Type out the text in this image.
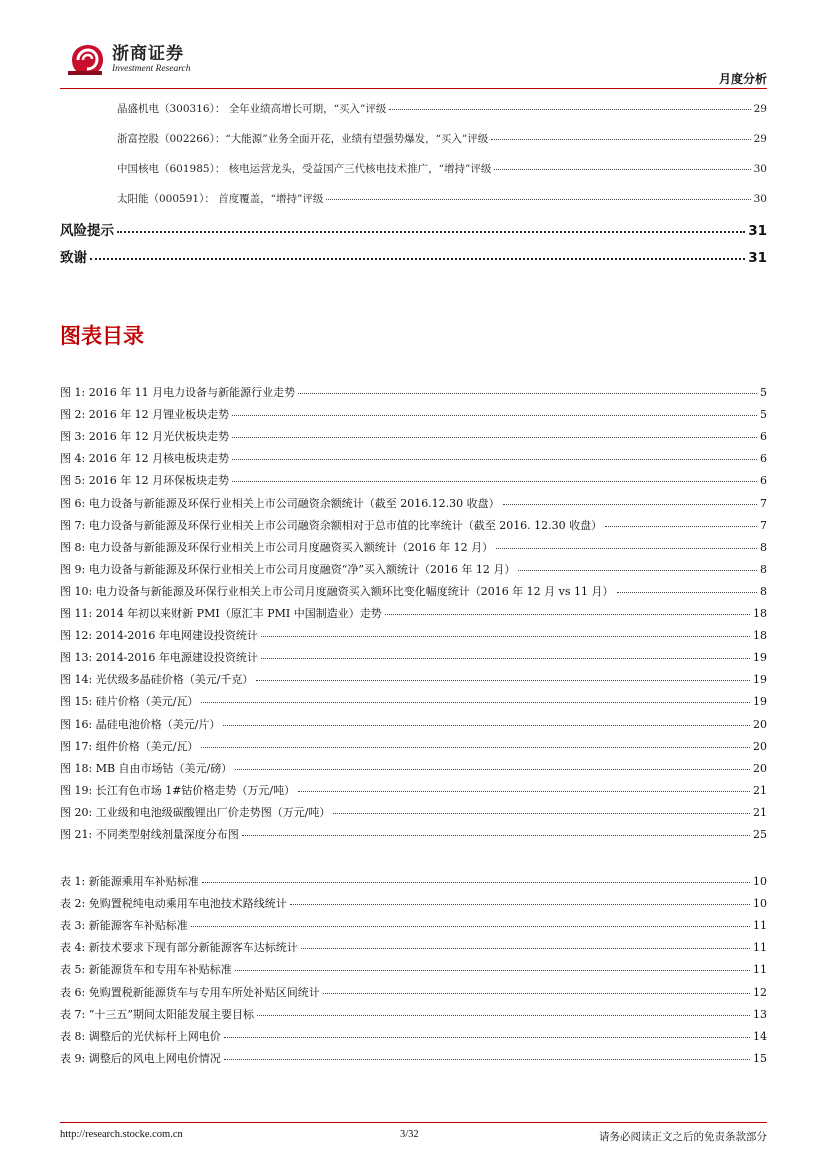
浙商证券
Investment Research
月度分析
晶盛机电（300316）： 全年业绩高增长可期，“买入”评级	29
浙富控股（002266）：“大能源”业务全面开花，业绩有望强势爆发，“买入”评级	29
中国核电（601985）： 核电运营龙头，受益国产三代核电技术推广，“增持”评级	30
太阳能（000591）： 首度覆盖，“增持”评级	30
风险提示	31
致谢	31
图表目录
图 1: 2016 年 11 月电力设备与新能源行业走势	5
图 2: 2016 年 12 月锂业板块走势	5
图 3: 2016 年 12 月光伏板块走势	6
图 4: 2016 年 12 月核电板块走势	6
图 5: 2016 年 12 月环保板块走势	6
图 6: 电力设备与新能源及环保行业相关上市公司融资余额统计（截至 2016.12.30 收盘）	7
图 7: 电力设备与新能源及环保行业相关上市公司融资余额相对于总市值的比率统计（截至 2016. 12.30 收盘）	7
图 8: 电力设备与新能源及环保行业相关上市公司月度融资买入额统计（2016 年 12 月）	8
图 9: 电力设备与新能源及环保行业相关上市公司月度融资“净”买入额统计（2016 年 12 月）	8
图 10: 电力设备与新能源及环保行业相关上市公司月度融资买入额环比变化幅度统计（2016 年 12 月 vs 11 月）	8
图 11: 2014 年初以来财新 PMI（原汇丰 PMI 中国制造业）走势	18
图 12: 2014-2016 年电网建设投资统计	18
图 13: 2014-2016 年电源建设投资统计	19
图 14: 光伏级多晶硅价格（美元/千克）	19
图 15: 硅片价格（美元/瓦）	19
图 16: 晶硅电池价格（美元/片）	20
图 17: 组件价格（美元/瓦）	20
图 18: MB 自由市场钴（美元/磅）	20
图 19: 长江有色市场 1#钴价格走势（万元/吨）	21
图 20: 工业级和电池级碳酸锂出厂价走势图（万元/吨）	21
图 21: 不同类型射线剂量深度分布图	25
表 1: 新能源乘用车补贴标准	10
表 2: 免购置税纯电动乘用车电池技术路线统计	10
表 3: 新能源客车补贴标准	11
表 4: 新技术要求下现有部分新能源客车达标统计	11
表 5: 新能源货车和专用车补贴标准	11
表 6: 免购置税新能源货车与专用车所处补贴区间统计	12
表 7: “十三五”期间太阳能发展主要目标	13
表 8: 调整后的光伏标杆上网电价	14
表 9: 调整后的风电上网电价情况	15
http://research.stocke.com.cn	3/32	请务必阅读正文之后的免责条款部分
